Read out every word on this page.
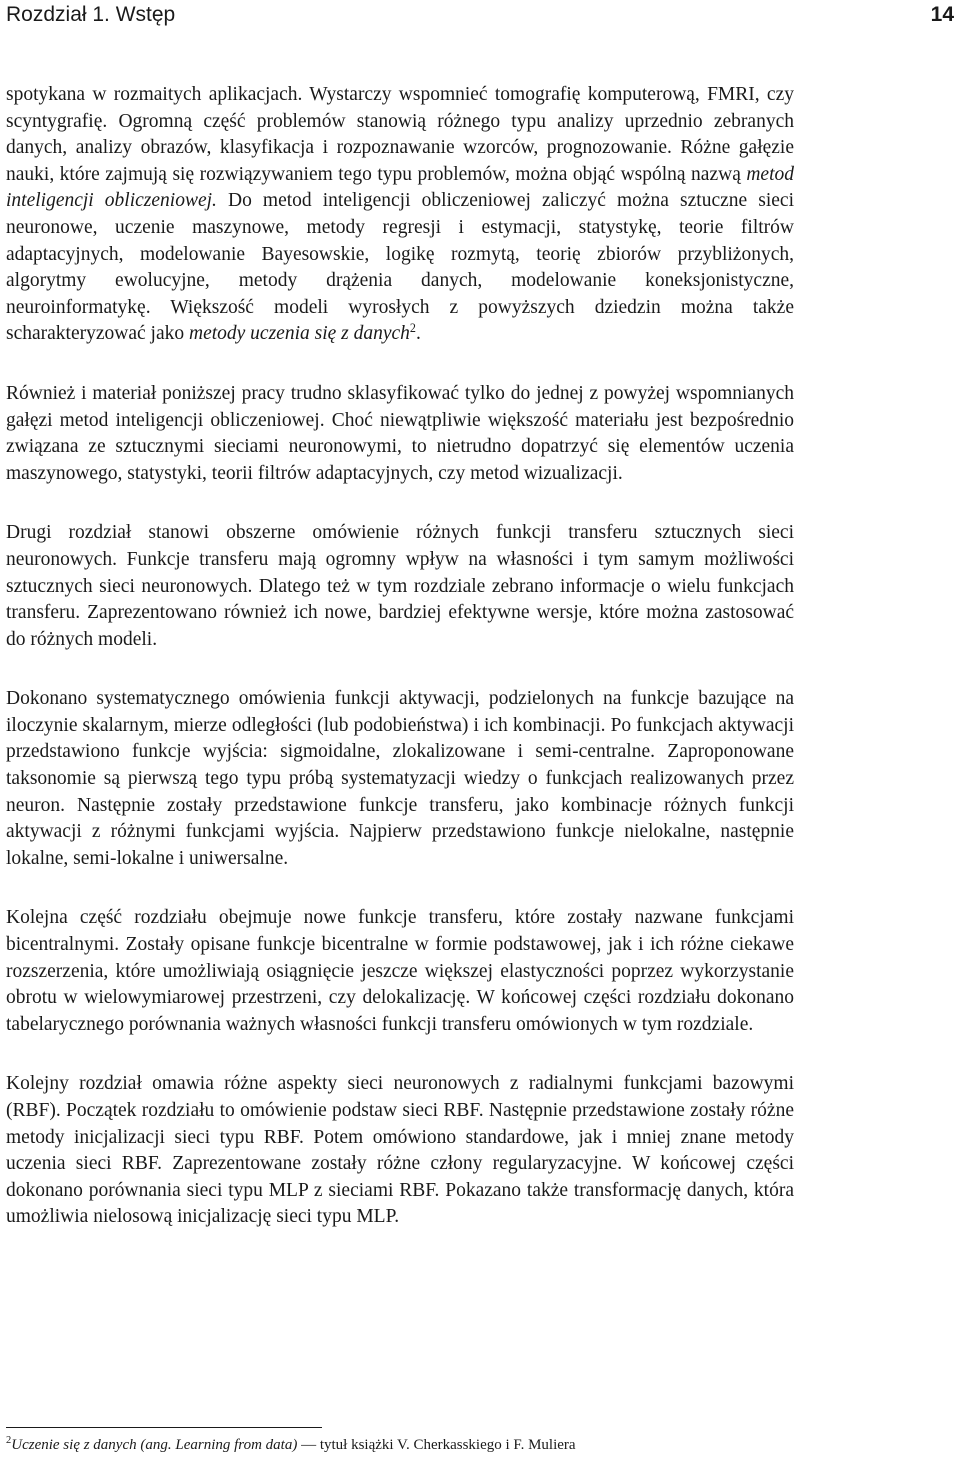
Rozdział 1. Wstęp	14

spotykana w rozmaitych aplikacjach. Wystarczy wspomnieć tomografię komputerową, FMRI, czy scyntygrafię. Ogromną część problemów stanowią różnego typu analizy uprzednio zebranych danych, analizy obrazów, klasyfikacja i rozpoznawanie wzorców, prognozowanie. Różne gałęzie nauki, które zajmują się rozwiązywaniem tego typu problemów, można objąć wspólną nazwą metod inteligencji obliczeniowej. Do metod inteligencji obliczeniowej zaliczyć można sztuczne sieci neuronowe, uczenie maszynowe, metody regresji i estymacji, statystykę, teorie filtrów adaptacyjnych, modelowanie Bayesowskie, logikę rozmytą, teorię zbiorów przybliżonych, algorytmy ewolucyjne, metody drążenia danych, modelowanie koneksjonistyczne, neuroinformatykę. Większość modeli wyrosłych z powyższych dziedzin można także scharakteryzować jako metody uczenia się z danych$^2$.

Również i materiał poniższej pracy trudno sklasyfikować tylko do jednej z powyżej wspomnianych gałęzi metod inteligencji obliczeniowej. Choć niewątpliwie większość materiału jest bezpośrednio związana ze sztucznymi sieciami neuronowymi, to nietrudno dopatrzyć się elementów uczenia maszynowego, statystyki, teorii filtrów adaptacyjnych, czy metod wizualizacji.

Drugi rozdział stanowi obszerne omówienie różnych funkcji transferu sztucznych sieci neuronowych. Funkcje transferu mają ogromny wpływ na własności i tym samym możliwości sztucznych sieci neuronowych. Dlatego też w tym rozdziale zebrano informacje o wielu funkcjach transferu. Zaprezentowano również ich nowe, bardziej efektywne wersje, które można zastosować do różnych modeli.

Dokonano systematycznego omówienia funkcji aktywacji, podzielonych na funkcje bazujące na iloczynie skalarnym, mierze odległości (lub podobieństwa) i ich kombinacji. Po funkcjach aktywacji przedstawiono funkcje wyjścia: sigmoidalne, zlokalizowane i semi-centralne. Zaproponowane taksonomie są pierwszą tego typu próbą systematyzacji wiedzy o funkcjach realizowanych przez neuron. Następnie zostały przedstawione funkcje transferu, jako kombinacje różnych funkcji aktywacji z różnymi funkcjami wyjścia. Najpierw przedstawiono funkcje nielokalne, następnie lokalne, semi-lokalne i uniwersalne.

Kolejna część rozdziału obejmuje nowe funkcje transferu, które zostały nazwane funkcjami bicentralnymi. Zostały opisane funkcje bicentralne w formie podstawowej, jak i ich różne ciekawe rozszerzenia, które umożliwiają osiągnięcie jeszcze większej elastyczności poprzez wykorzystanie obrotu w wielowymiarowej przestrzeni, czy delokalizację. W końcowej części rozdziału dokonano tabelarycznego porównania ważnych własności funkcji transferu omówionych w tym rozdziale.

Kolejny rozdział omawia różne aspekty sieci neuronowych z radialnymi funkcjami bazowymi (RBF). Początek rozdziału to omówienie podstaw sieci RBF. Następnie przedstawione zostały różne metody inicjalizacji sieci typu RBF. Potem omówiono standardowe, jak i mniej znane metody uczenia sieci RBF. Zaprezentowane zostały różne człony regularyzacyjne. W końcowej części dokonano porównania sieci typu MLP z sieciami RBF. Pokazano także transformację danych, która umożliwia nielosową inicjalizację sieci typu MLP.

$^2$Uczenie się z danych (ang. Learning from data) — tytuł książki V. Cherkasskiego i F. Muliera
